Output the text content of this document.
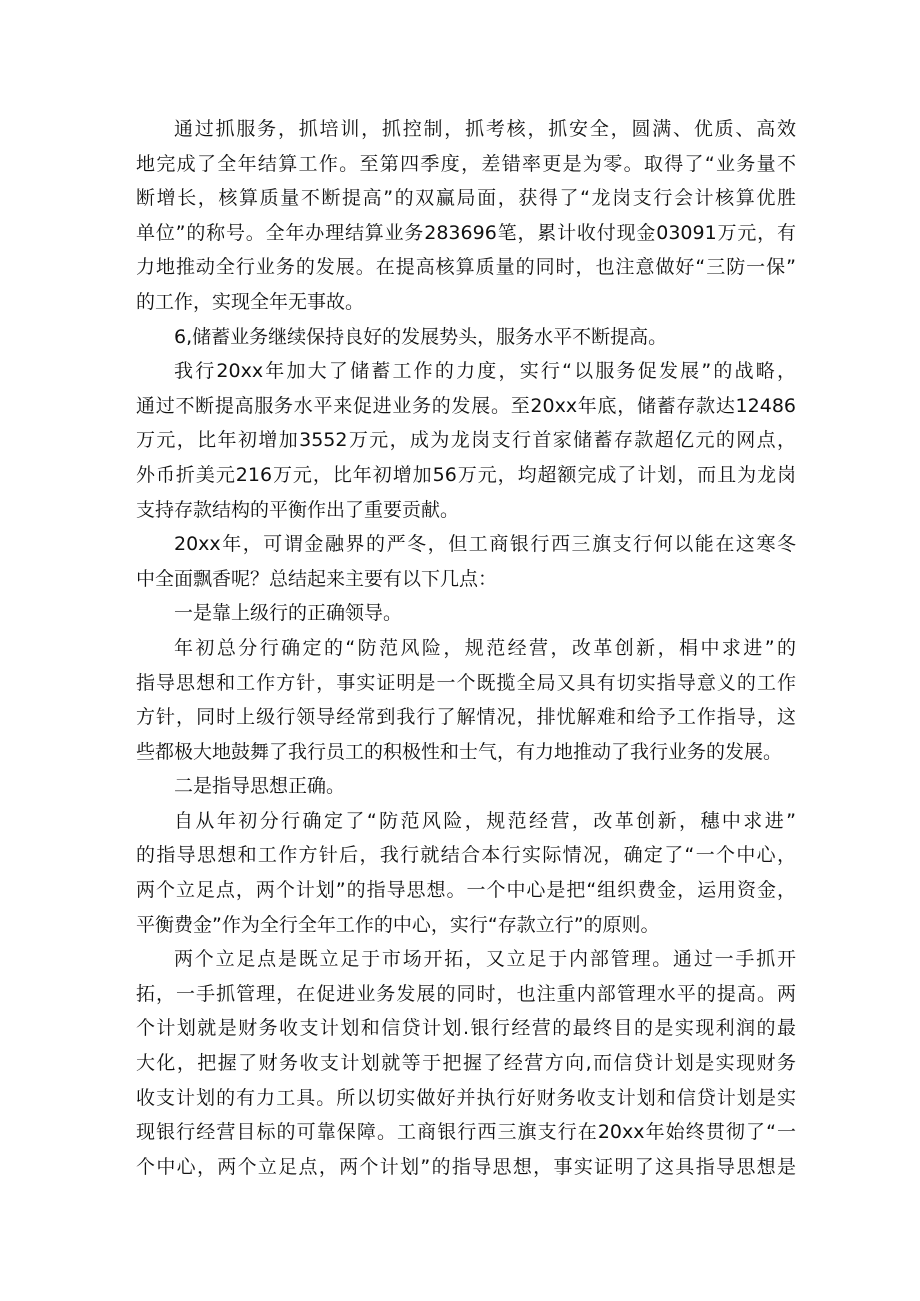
通过抓服务，抓培训，抓控制，抓考核，抓安全，圆满、优质、高效
地完成了全年结算工作。至第四季度，差错率更是为零。取得了“业务量不
断增长，核算质量不断提高”的双赢局面，获得了“龙岗支行会计核算优胜
单位”的称号。全年办理结算业务283696笔，累计收付现金03091万元，有
力地推动全行业务的发展。在提高核算质量的同时，也注意做好“三防一保”
的工作，实现全年无事故。
6,储蓄业务继续保持良好的发展势头，服务水平不断提高。
我行20xx年加大了储蓄工作的力度，实行“以服务促发展”的战略，
通过不断提高服务水平来促进业务的发展。至20xx年底，储蓄存款达12486
万元，比年初增加3552万元，成为龙岗支行首家储蓄存款超亿元的网点，
外币折美元216万元，比年初增加56万元，均超额完成了计划，而且为龙岗
支持存款结构的平衡作出了重要贡献。
20xx年，可谓金融界的严冬，但工商银行西三旗支行何以能在这寒冬
中全面飘香呢？总结起来主要有以下几点：
一是靠上级行的正确领导。
年初总分行确定的“防范风险，规范经营，改革创新，梋中求进”的
指导思想和工作方针，事实证明是一个既揽全局又具有切实指导意义的工作
方针，同时上级行领导经常到我行了解情况，排忧解难和给予工作指导，这
些都极大地鼓舞了我行员工的积极性和士气，有力地推动了我行业务的发展。
二是指导思想正确。
自从年初分行确定了“防范风险，规范经营，改革创新，穗中求进”
的指导思想和工作方针后，我行就结合本行实际情况，确定了“一个中心，
两个立足点，两个计划”的指导思想。一个中心是把“组织费金，运用资金，
平衡费金”作为全行全年工作的中心，实行“存款立行”的原则。
两个立足点是既立足于市场开拓，又立足于内部管理。通过一手抓开
拓，一手抓管理，在促进业务发展的同时，也注重内部管理水平的提高。两
个计划就是财务收支计划和信贷计划.银行经营的最终目的是实现利润的最
大化，把握了财务收支计划就等于把握了经营方向,而信贷计划是实现财务
收支计划的有力工具。所以切实做好并执行好财务收支计划和信贷计划是实
现银行经营目标的可靠保障。工商银行西三旗支行在20xx年始终贯彻了“一
个中心，两个立足点，两个计划”的指导思想，事实证明了这具指导思想是
